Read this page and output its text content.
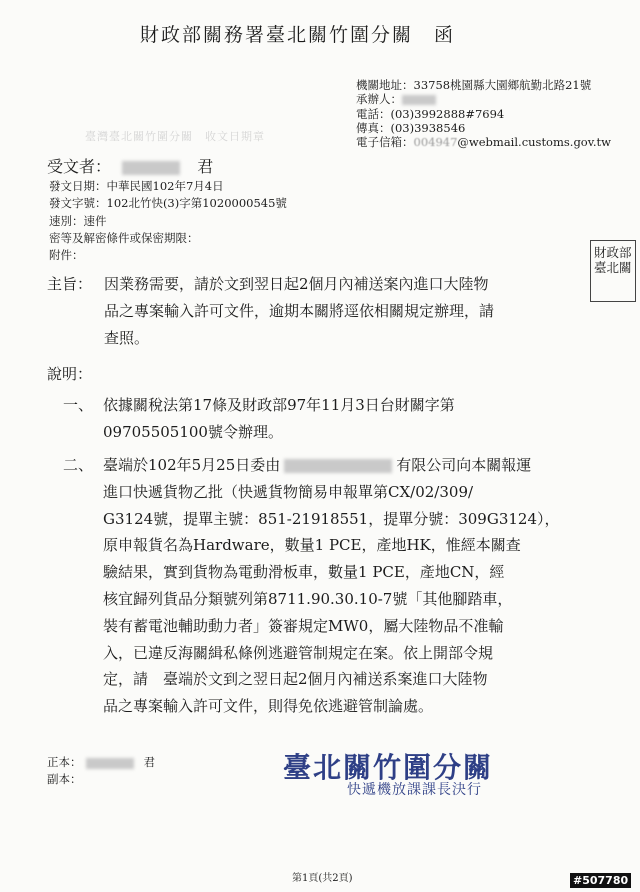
財政部關務署臺北關竹圍分關　函
機關地址：33758桃園縣大園鄉航勤北路21號
承辦人：
電話：(03)3992888#7694
傳真：(03)3938546
電子信箱：004947@webmail.customs.gov.tw
臺灣臺北關竹圍分關　收文日期章
受文者：	君
發文日期：中華民國102年7月4日
發文字號：102北竹快(3)字第1020000545號
速別：速件
密等及解密條件或保密期限：
附件：	財政部臺北關
主旨： 因業務需要，請於文到翌日起2個月內補送案內進口大陸物
品之專案輸入許可文件，逾期本關將逕依相關規定辦理，請
查照。
說明：
一、 依據關稅法第17條及財政部97年11月3日台財關字第
09705505100號令辦理。
二、 臺端於102年5月25日委由	有限公司向本關報運
進口快遞貨物乙批（快遞貨物簡易申報單第CX/02/309/
G3124號，提單主號：851-21918551，提單分號：309G3124），
原申報貨名為Hardware，數量1 PCE，產地HK，惟經本關查
驗結果，實到貨物為電動滑板車，數量1 PCE，產地CN，經
核宜歸列貨品分類號列第8711.90.30.10-7號「其他腳踏車，
裝有蓄電池輔助動力者」簽審規定MW0，屬大陸物品不准輸
入，已違反海關緝私條例逃避管制規定在案。依上開部令規
定，請　臺端於文到之翌日起2個月內補送系案進口大陸物
品之專案輸入許可文件，則得免依逃避管制論處。
正本：	君
副本：	臺北關竹圍分關
快遞機放課課長決行
第1頁(共2頁)	#507780
